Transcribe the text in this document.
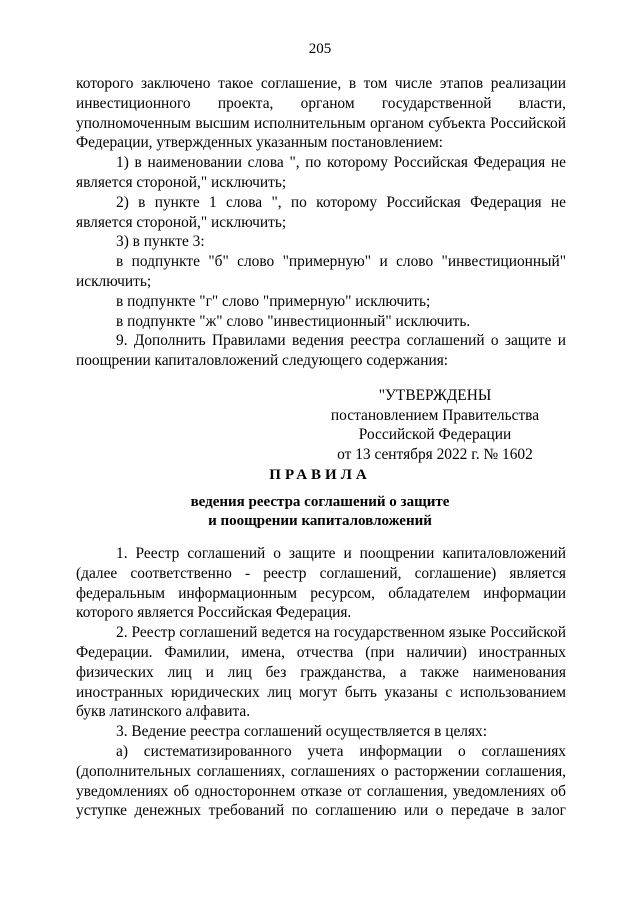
205

которого заключено такое соглашение, в том числе этапов реализации инвестиционного проекта, органом государственной власти, уполномоченным высшим исполнительным органом субъекта Российской Федерации, утвержденных указанным постановлением:

1) в наименовании слова ", по которому Российская Федерация не является стороной," исключить;

2) в пункте 1 слова ", по которому Российская Федерация не является стороной," исключить;

3) в пункте 3:

в подпункте "б" слово "примерную" и слово "инвестиционный" исключить;

в подпункте "г" слово "примерную" исключить;

в подпункте "ж" слово "инвестиционный" исключить.

9. Дополнить Правилами ведения реестра соглашений о защите и поощрении капиталовложений следующего содержания:

"УТВЕРЖДЕНЫ
постановлением Правительства
Российской Федерации
от 13 сентября 2022 г. № 1602
ПРАВИЛА
ведения реестра соглашений о защите
и поощрении капиталовложений

1. Реестр соглашений о защите и поощрении капиталовложений (далее соответственно - реестр соглашений, соглашение) является федеральным информационным ресурсом, обладателем информации которого является Российская Федерация.

2. Реестр соглашений ведется на государственном языке Российской Федерации. Фамилии, имена, отчества (при наличии) иностранных физических лиц и лиц без гражданства, а также наименования иностранных юридических лиц могут быть указаны с использованием букв латинского алфавита.

3. Ведение реестра соглашений осуществляется в целях:

а) систематизированного учета информации о соглашениях (дополнительных соглашениях, соглашениях о расторжении соглашения, уведомлениях об одностороннем отказе от соглашения, уведомлениях об уступке денежных требований по соглашению или о передаче в залог
